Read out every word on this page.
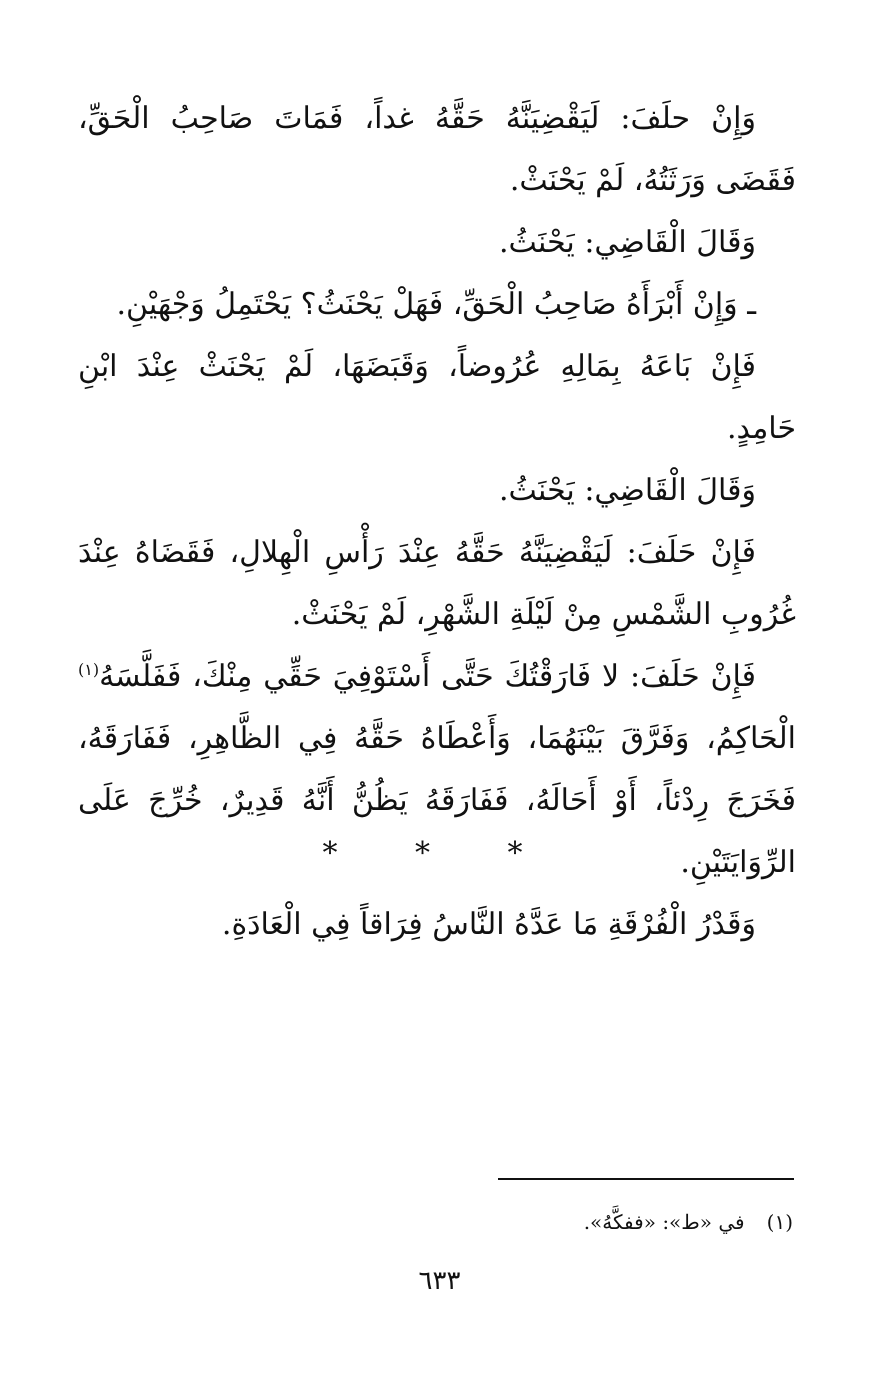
وَإِنْ حلَفَ: لَيَقْضِيَنَّهُ حَقَّهُ غداً، فَمَاتَ صَاحِبُ الْحَقِّ، فَقَضَى وَرَثَتُهُ، لَمْ يَحْنَثْ.

وَقَالَ الْقَاضِي: يَحْنَثُ.

ـ وَإِنْ أَبْرَأَهُ صَاحِبُ الْحَقِّ، فَهَلْ يَحْنَثُ؟ يَحْتَمِلُ وَجْهَيْنِ.

فَإِنْ بَاعَهُ بِمَالِهِ عُرُوضاً، وَقَبَضَهَا، لَمْ يَحْنَثْ عِنْدَ ابْنِ حَامِدٍ.

وَقَالَ الْقَاضِي: يَحْنَثُ.

فَإِنْ حَلَفَ: لَيَقْضِيَنَّهُ حَقَّهُ عِنْدَ رَأْسِ الْهِلالِ، فَقَضَاهُ عِنْدَ غُرُوبِ الشَّمْسِ مِنْ لَيْلَةِ الشَّهْرِ، لَمْ يَحْنَثْ.

فَإِنْ حَلَفَ: لا فَارَقْتُكَ حَتَّى أَسْتَوْفِيَ حَقِّي مِنْكَ، فَفَلَّسَهُ$^{(١)}$ الْحَاكِمُ، وَفَرَّقَ بَيْنَهُمَا، وَأَعْطَاهُ حَقَّهُ فِي الظَّاهِرِ، فَفَارَقَهُ، فَخَرَجَ رِدْئاً، أَوْ أَحَالَهُ، فَفَارَقَهُ يَظُنُّ أَنَّهُ قَدِيرٌ، خُرِّجَ عَلَى الرِّوَايَتَيْنِ.

وَقَدْرُ الْفُرْقَةِ مَا عَدَّهُ النَّاسُ فِرَاقاً فِي الْعَادَةِ.

* * *
(١)في «ط»: «ففكَّهُ».
٦٣٣
